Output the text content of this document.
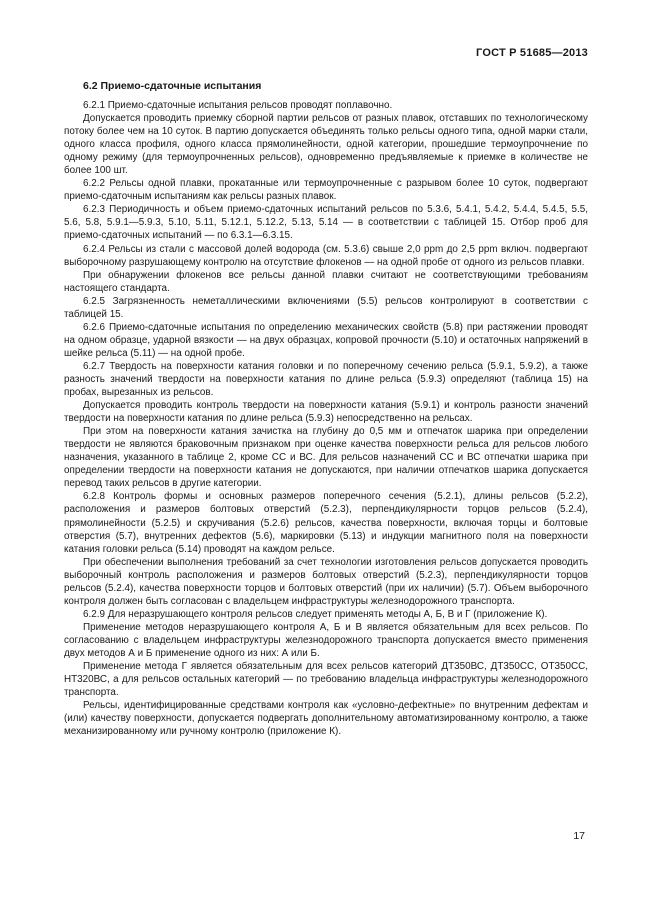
ГОСТ Р 51685—2013
6.2 Приемо-сдаточные испытания

6.2.1 Приемо-сдаточные испытания рельсов проводят поплавочно.

Допускается проводить приемку сборной партии рельсов от разных плавок, отставших по технологическому потоку более чем на 10 суток. В партию допускается объединять только рельсы одного типа, одной марки стали, одного класса профиля, одного класса прямолинейности, одной категории, прошедшие термоупрочнение по одному режиму (для термоупрочненных рельсов), одновременно предъявляемые к приемке в количестве не более 100 шт.

6.2.2 Рельсы одной плавки, прокатанные или термоупрочненные с разрывом более 10 суток, подвергают приемо-сдаточным испытаниям как рельсы разных плавок.

6.2.3 Периодичность и объем приемо-сдаточных испытаний рельсов по 5.3.6, 5.4.1, 5.4.2, 5.4.4, 5.4.5, 5.5, 5.6, 5.8, 5.9.1—5.9.3, 5.10, 5.11, 5.12.1, 5.12.2, 5.13, 5.14 — в соответствии с таблицей 15. Отбор проб для приемо-сдаточных испытаний — по 6.3.1—6.3.15.

6.2.4 Рельсы из стали с массовой долей водорода (см. 5.3.6) свыше 2,0 ppm до 2,5 ppm включ. подвергают выборочному разрушающему контролю на отсутствие флокенов — на одной пробе от одного из рельсов плавки.

При обнаружении флокенов все рельсы данной плавки считают не соответствующими требованиям настоящего стандарта.

6.2.5 Загрязненность неметаллическими включениями (5.5) рельсов контролируют в соответствии с таблицей 15.

6.2.6 Приемо-сдаточные испытания по определению механических свойств (5.8) при растяжении проводят на одном образце, ударной вязкости — на двух образцах, копровой прочности (5.10) и остаточных напряжений в шейке рельса (5.11) — на одной пробе.

6.2.7 Твердость на поверхности катания головки и по поперечному сечению рельса (5.9.1, 5.9.2), а также разность значений твердости на поверхности катания по длине рельса (5.9.3) определяют (таблица 15) на пробах, вырезанных из рельсов.

Допускается проводить контроль твердости на поверхности катания (5.9.1) и контроль разности значений твердости на поверхности катания по длине рельса (5.9.3) непосредственно на рельсах.

При этом на поверхности катания зачистка на глубину до 0,5 мм и отпечаток шарика при определении твердости не являются браковочным признаком при оценке качества поверхности рельса для рельсов любого назначения, указанного в таблице 2, кроме СС и ВС. Для рельсов назначений СС и ВС отпечатки шарика при определении твердости на поверхности катания не допускаются, при наличии отпечатков шарика допускается перевод таких рельсов в другие категории.

6.2.8 Контроль формы и основных размеров поперечного сечения (5.2.1), длины рельсов (5.2.2), расположения и размеров болтовых отверстий (5.2.3), перпендикулярности торцов рельсов (5.2.4), прямолинейности (5.2.5) и скручивания (5.2.6) рельсов, качества поверхности, включая торцы и болтовые отверстия (5.7), внутренних дефектов (5.6), маркировки (5.13) и индукции магнитного поля на поверхности катания головки рельса (5.14) проводят на каждом рельсе.

При обеспечении выполнения требований за счет технологии изготовления рельсов допускается проводить выборочный контроль расположения и размеров болтовых отверстий (5.2.3), перпендикулярности торцов рельсов (5.2.4), качества поверхности торцов и болтовых отверстий (при их наличии) (5.7). Объем выборочного контроля должен быть согласован с владельцем инфраструктуры железнодорожного транспорта.

6.2.9 Для неразрушающего контроля рельсов следует применять методы А, Б, В и Г (приложение К).

Применение методов неразрушающего контроля А, Б и В является обязательным для всех рельсов. По согласованию с владельцем инфраструктуры железнодорожного транспорта допускается вместо применения двух методов А и Б применение одного из них: А или Б.

Применение метода Г является обязательным для всех рельсов категорий ДТ350ВС, ДТ350СС, ОТ350СС, НТ320ВС, а для рельсов остальных категорий — по требованию владельца инфраструктуры железнодорожного транспорта.

Рельсы, идентифицированные средствами контроля как «условно-дефектные» по внутренним дефектам и (или) качеству поверхности, допускается подвергать дополнительному автоматизированному контролю, а также механизированному или ручному контролю (приложение К).

17
